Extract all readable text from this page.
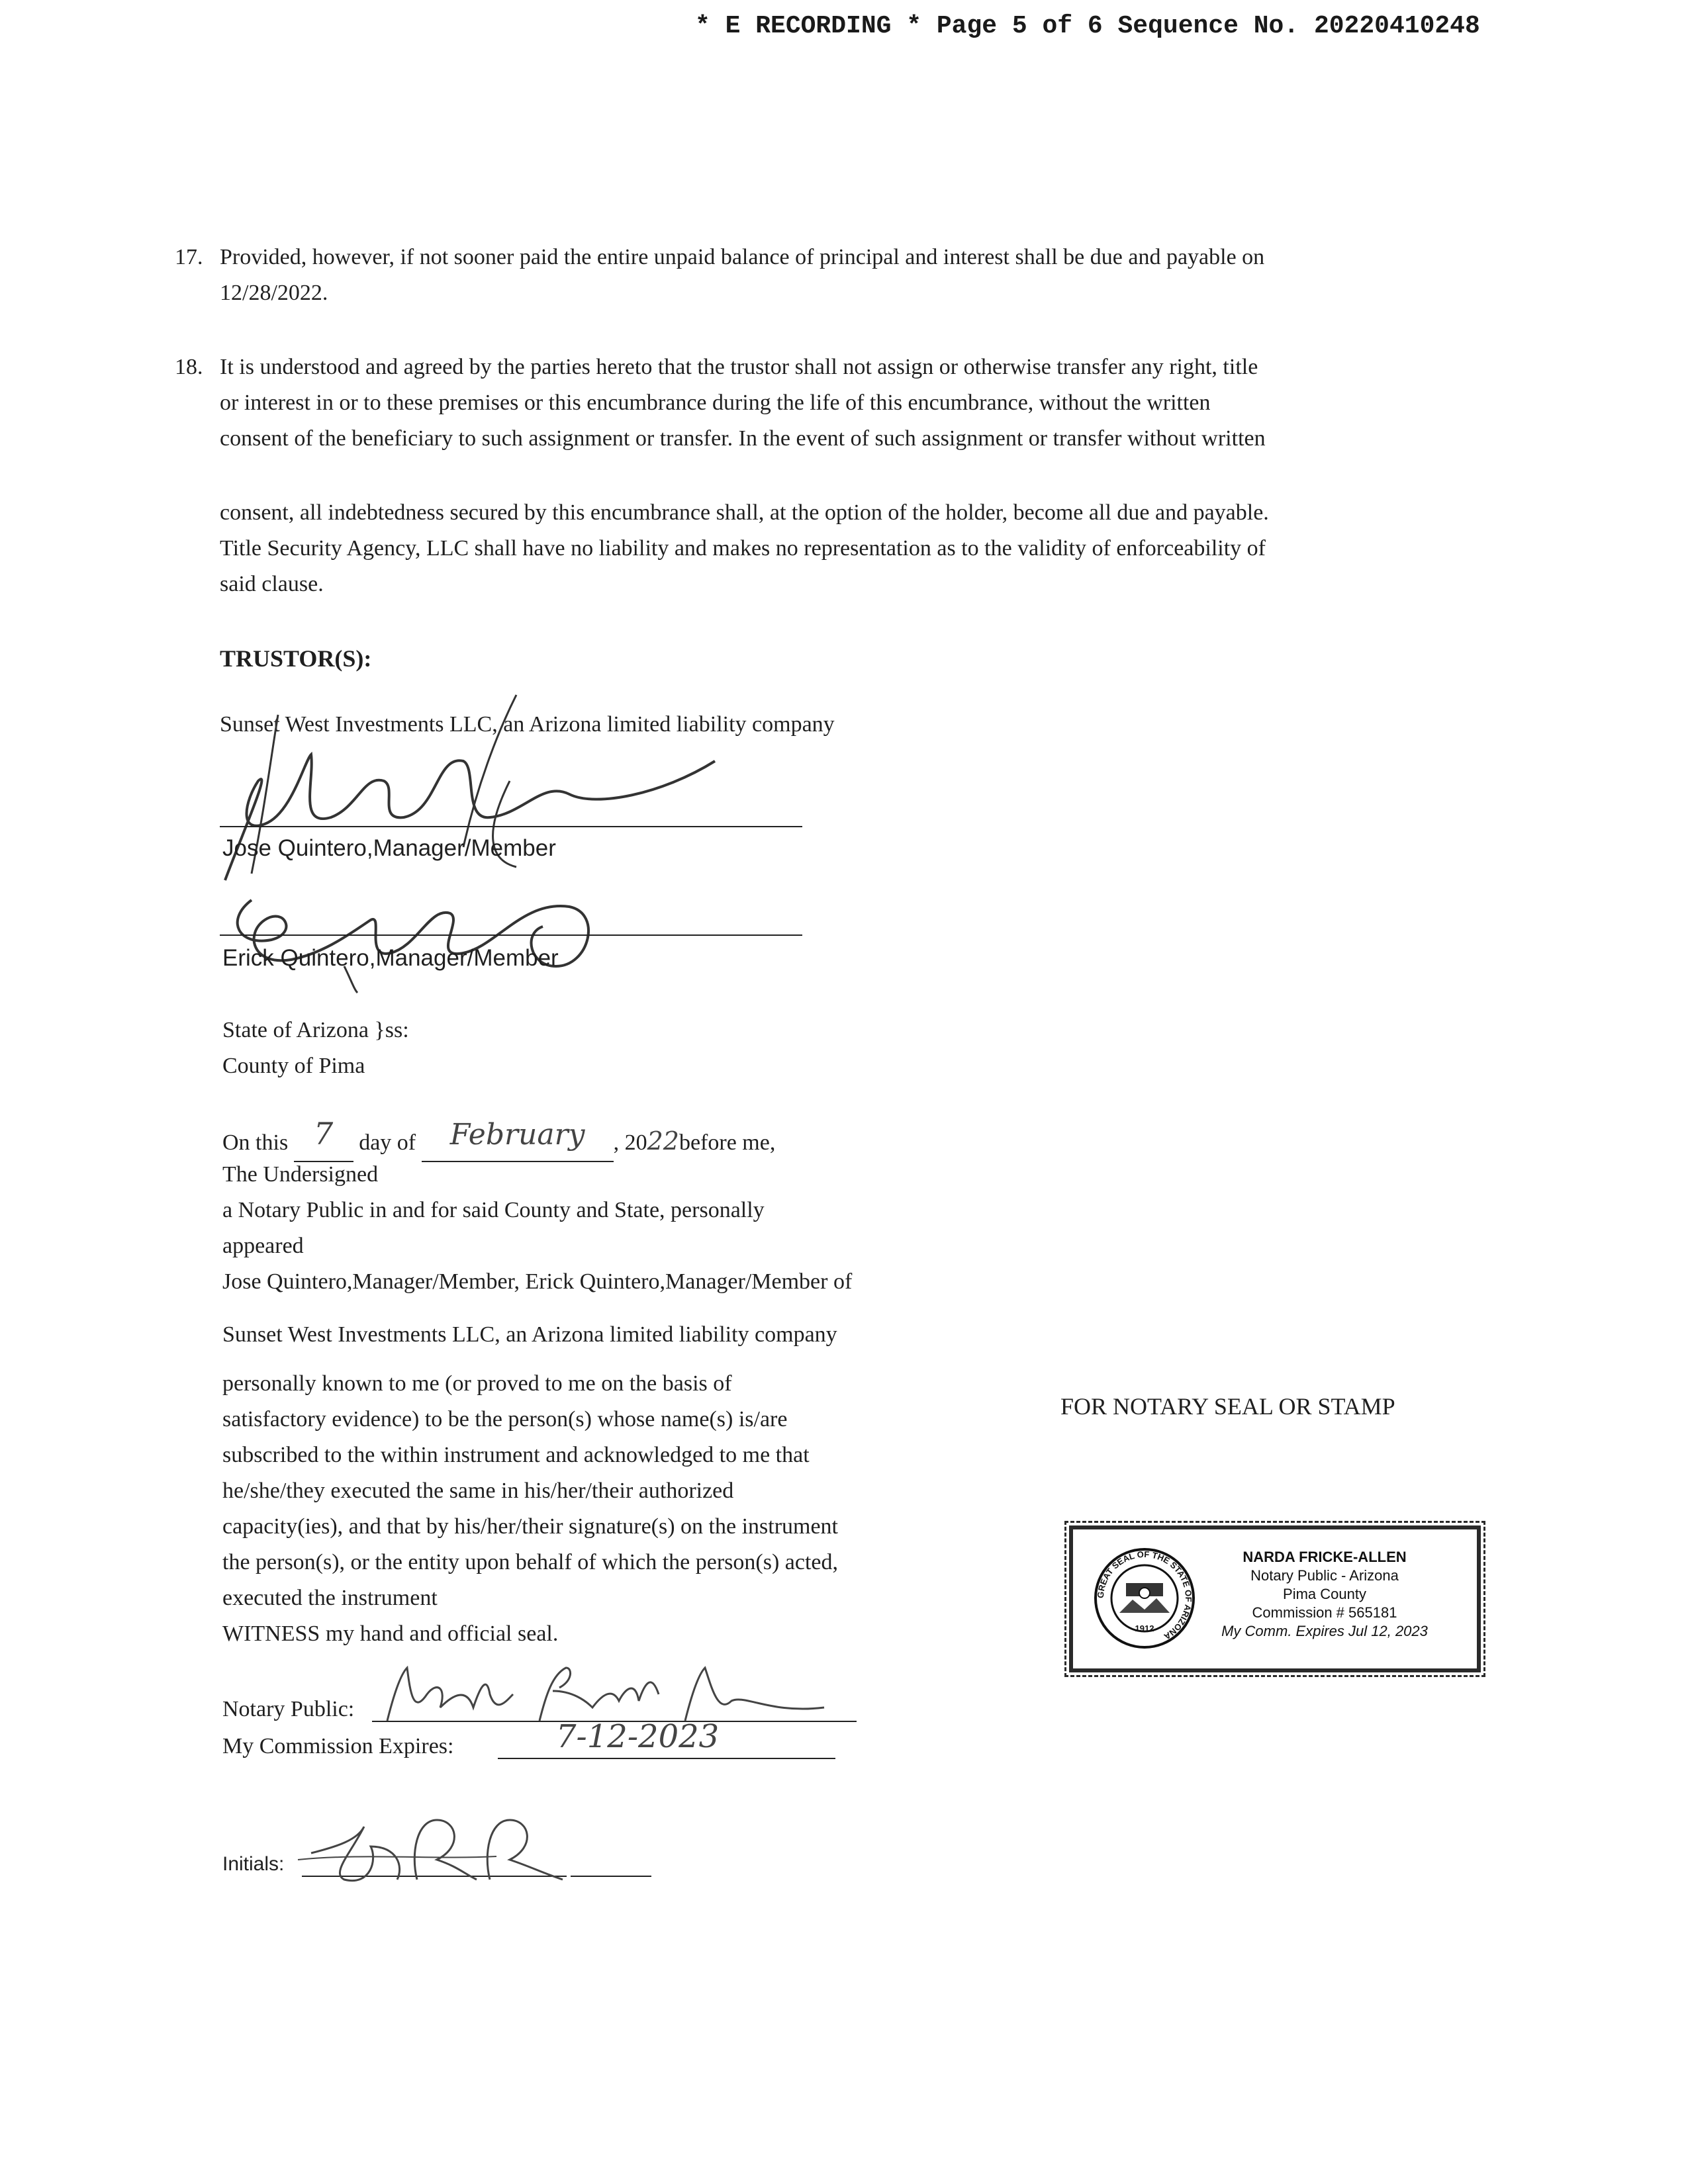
* E RECORDING * Page 5 of 6 Sequence No. 20220410248
17. Provided, however, if not sooner paid the entire unpaid balance of principal and interest shall be due and payable on
12/28/2022.
18. It is understood and agreed by the parties hereto that the trustor shall not assign or otherwise transfer any right, title
or interest in or to these premises or this encumbrance during the life of this encumbrance, without the written
consent of the beneficiary to such assignment or transfer. In the event of such assignment or transfer without written
consent, all indebtedness secured by this encumbrance shall, at the option of the holder, become all due and payable.
Title Security Agency, LLC shall have no liability and makes no representation as to the validity of enforceability of
said clause.
TRUSTOR(S):
Sunset West Investments LLC, an Arizona limited liability company
Jose Quintero,Manager/Member
Erick Quintero,Manager/Member
State of Arizona }ss:
County of Pima
On this 7 day of February , 2022before me,
The Undersigned
a Notary Public in and for said County and State, personally
appeared
Jose Quintero,Manager/Member, Erick Quintero,Manager/Member of
Sunset West Investments LLC, an Arizona limited liability company
personally known to me (or proved to me on the basis of
satisfactory evidence) to be the person(s) whose name(s) is/are
subscribed to the within instrument and acknowledged to me that
he/she/they executed the same in his/her/their authorized
capacity(ies), and that by his/her/their signature(s) on the instrument
the person(s), or the entity upon behalf of which the person(s) acted,
executed the instrument
WITNESS my hand and official seal.
Notary Public:
My Commission Expires:	7-12-2023
Initials:
FOR NOTARY SEAL OR STAMP
GREAT SEAL OF THE STATE OF ARIZONA
1912
NARDA FRICKE-ALLEN
Notary Public - Arizona
Pima County
Commission # 565181
My Comm. Expires Jul 12, 2023
